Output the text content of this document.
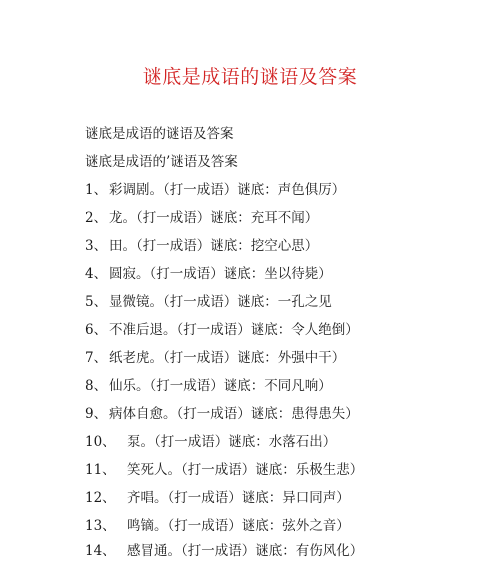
谜底是成语的谜语及答案
谜底是成语的谜语及答案
谜底是成语的’谜语及答案
1、 彩调剧。（打一成语）谜底：声色俱厉）
2、 龙。（打一成语）谜底：充耳不闻）
3、 田。（打一成语）谜底：挖空心思）
4、 圆寂。（打一成语）谜底：坐以待毙）
5、 显微镜。（打一成语）谜底：一孔之见
6、 不准后退。（打一成语）谜底：令人绝倒）
7、 纸老虎。（打一成语）谜底：外强中干）
8、 仙乐。（打一成语）谜底：不同凡响）
9、 病体自愈。（打一成语）谜底：患得患失）
10、 泵。（打一成语）谜底：水落石出）
11、 笑死人。（打一成语）谜底：乐极生悲）
12、 齐唱。（打一成语）谜底：异口同声）
13、 鸣镝。（打一成语）谜底：弦外之音）
14、 感冒通。（打一成语）谜底：有伤风化）
